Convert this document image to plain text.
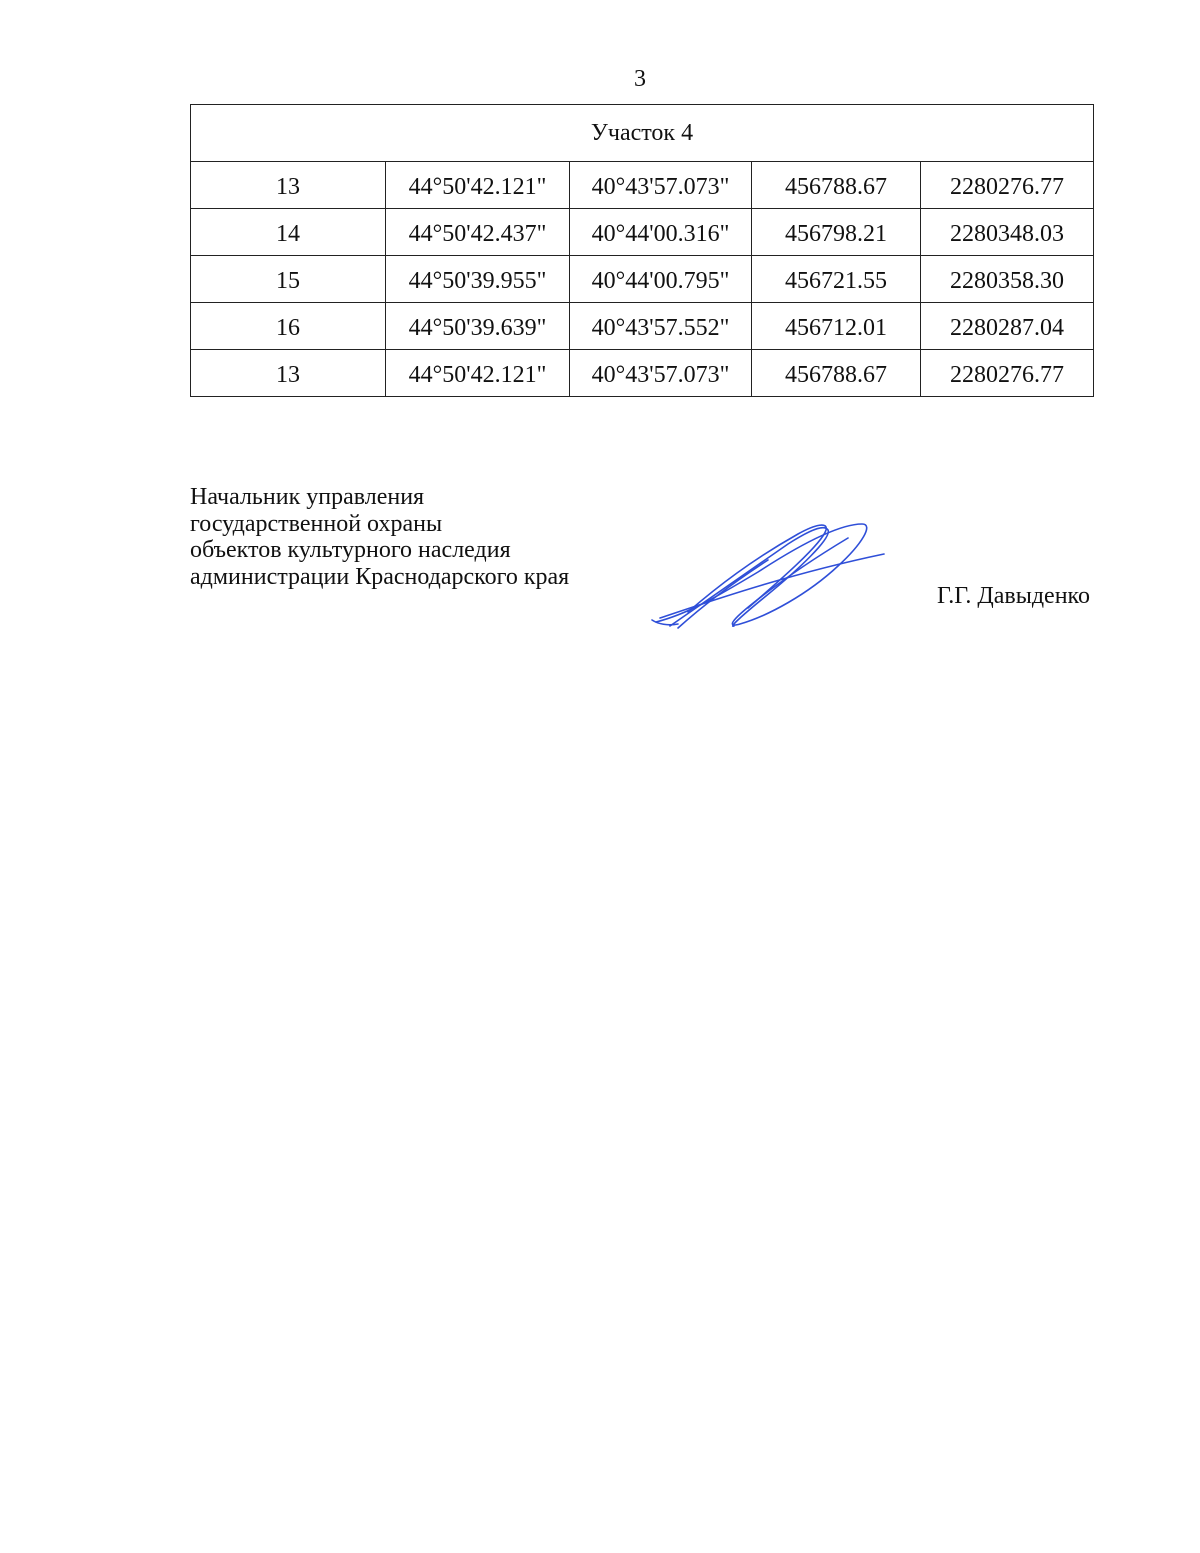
3
Участок 4				
13	44°50'42.121"	40°43'57.073"	456788.67	2280276.77
14	44°50'42.437"	40°44'00.316"	456798.21	2280348.03
15	44°50'39.955"	40°44'00.795"	456721.55	2280358.30
16	44°50'39.639"	40°43'57.552"	456712.01	2280287.04
13	44°50'42.121"	40°43'57.073"	456788.67	2280276.77
Начальник управления
государственной охраны
объектов культурного наследия
администрации Краснодарского края
Г.Г. Давыденко
